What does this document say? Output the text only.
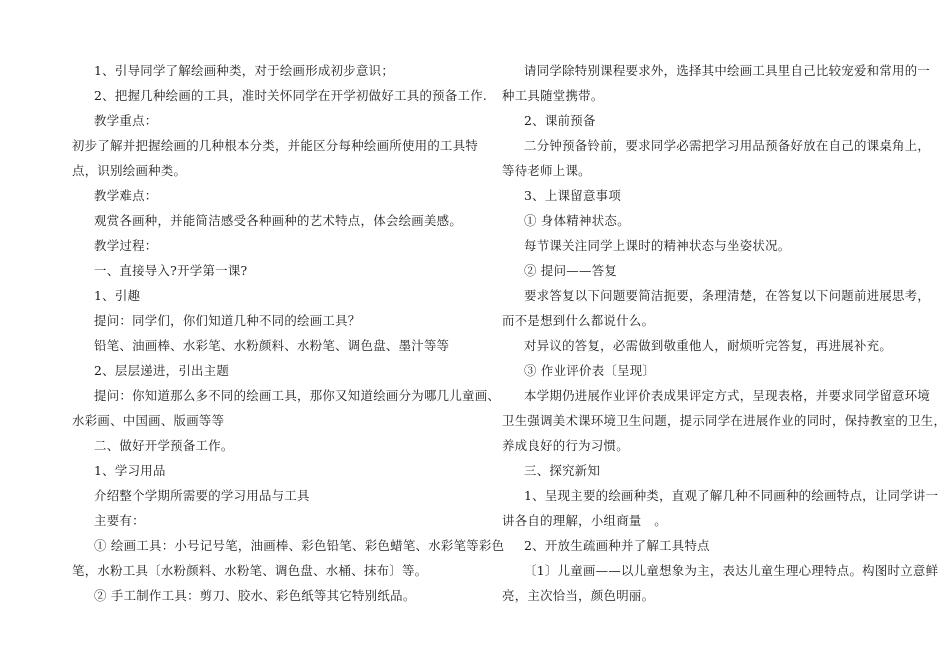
1、引导同学了解绘画种类，对于绘画形成初步意识；

2、把握几种绘画的工具，准时关怀同学在开学初做好工具的预备工作.

教学重点：

初步了解并把握绘画的几种根本分类，并能区分每种绘画所使用的工具特
点，识别绘画种类。

教学难点：

观赏各画种，并能简洁感受各种画种的艺术特点，体会绘画美感。

教学过程：

一、直接导入?开学第一课?

1、引趣

提问：同学们，你们知道几种不同的绘画工具？

铅笔、油画棒、水彩笔、水粉颜料、水粉笔、调色盘、墨汁等等

2、层层递进，引出主题

提问：你知道那么多不同的绘画工具，那你又知道绘画分为哪几儿童画、
水彩画、中国画、版画等等

二、做好开学预备工作。

1、学习用品

介绍整个学期所需要的学习用品与工具

主要有：

① 绘画工具：小号记号笔，油画棒、彩色铅笔、彩色蜡笔、水彩笔等彩色
笔，水粉工具〔水粉颜料、水粉笔、调色盘、水桶、抹布〕等。

② 手工制作工具：剪刀、胶水、彩色纸等其它特别纸品。

请同学除特别课程要求外，选择其中绘画工具里自己比较宠爱和常用的一
种工具随堂携带。

2、课前预备

二分钟预备铃前，要求同学必需把学习用品预备好放在自己的课桌角上，
等待老师上课。

3、上课留意事项

① 身体精神状态。

每节课关注同学上课时的精神状态与坐姿状况。

② 提问——答复

要求答复以下问题要简洁扼要，条理清楚，在答复以下问题前进展思考，
而不是想到什么都说什么。

对异议的答复，必需做到敬重他人，耐烦听完答复，再进展补充。

③ 作业评价表〔呈现〕

本学期仍进展作业评价表成果评定方式，呈现表格，并要求同学留意环境
卫生强调美术课环境卫生问题，提示同学在进展作业的同时，保持教室的卫生，
养成良好的行为习惯。

三、探究新知

1、呈现主要的绘画种类，直观了解几种不同画种的绘画特点，让同学讲一
讲各自的理解，小组商量　。

2、开放生疏画种并了解工具特点

〔1〕儿童画——以儿童想象为主，表达儿童生理心理特点。构图时立意鲜
亮，主次恰当，颜色明丽。
